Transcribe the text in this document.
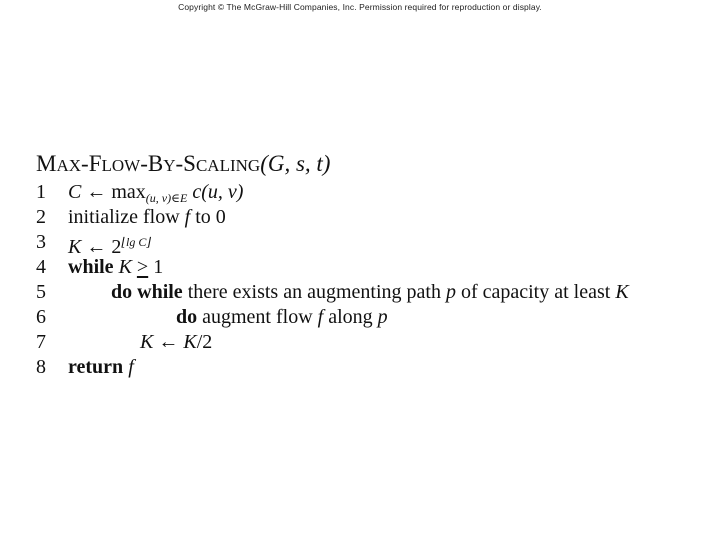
Copyright © The McGraw-Hill Companies, Inc. Permission required for reproduction or display.
MAX-FLOW-BY-SCALING(G, s, t)
1	C ← $\max_{(u, v)\in E} c(u$, v)
2	initialize flow f to 0
3	K ← $2^{⌊lg C⌋}$
4	while K ≥ 1
5	do while there exists an augmenting path p of capacity at least K
6	do augment flow f along p
7	K ← K/2
8	return f
